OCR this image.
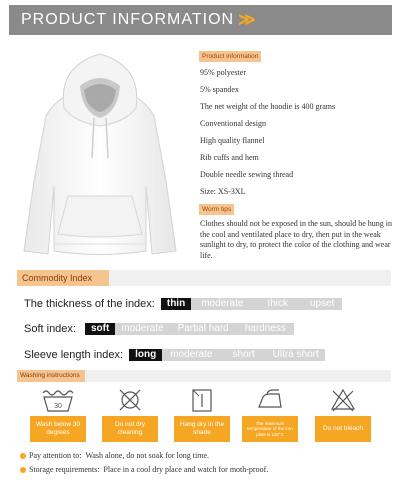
PRODUCT INFORMATION ≫
Product information
95% polyester
5% spandex
The net weight of the hoodie is 400 grams
Conventional design
High quality flannel
Rib cuffs and hem
Double needle sewing thread
Size: XS-3XL
Worm tips
Clothes should not be exposed in the sun, should be hung in the cool and ventilated place to dry, then put in the weak sunlight to dry, to protect the color of the clothing and wear life.
Commodity Index
The thickness of the index:	thin	moderate	thick	upset
Soft index:	soft	moderate	Partial hard	hardness
Sleeve length index:	long	moderate	short	Ultra short
Washing instructions
30
Wash below 30 degrees
Do not dry cleaning
Hang dry in the shade
The maximum temperature of the iron plate is 110°C
Do not bleach
Pay attention to: Wash alone, do not soak for long time.
Storage requirements: Place in a cool dry place and watch for moth-proof.
